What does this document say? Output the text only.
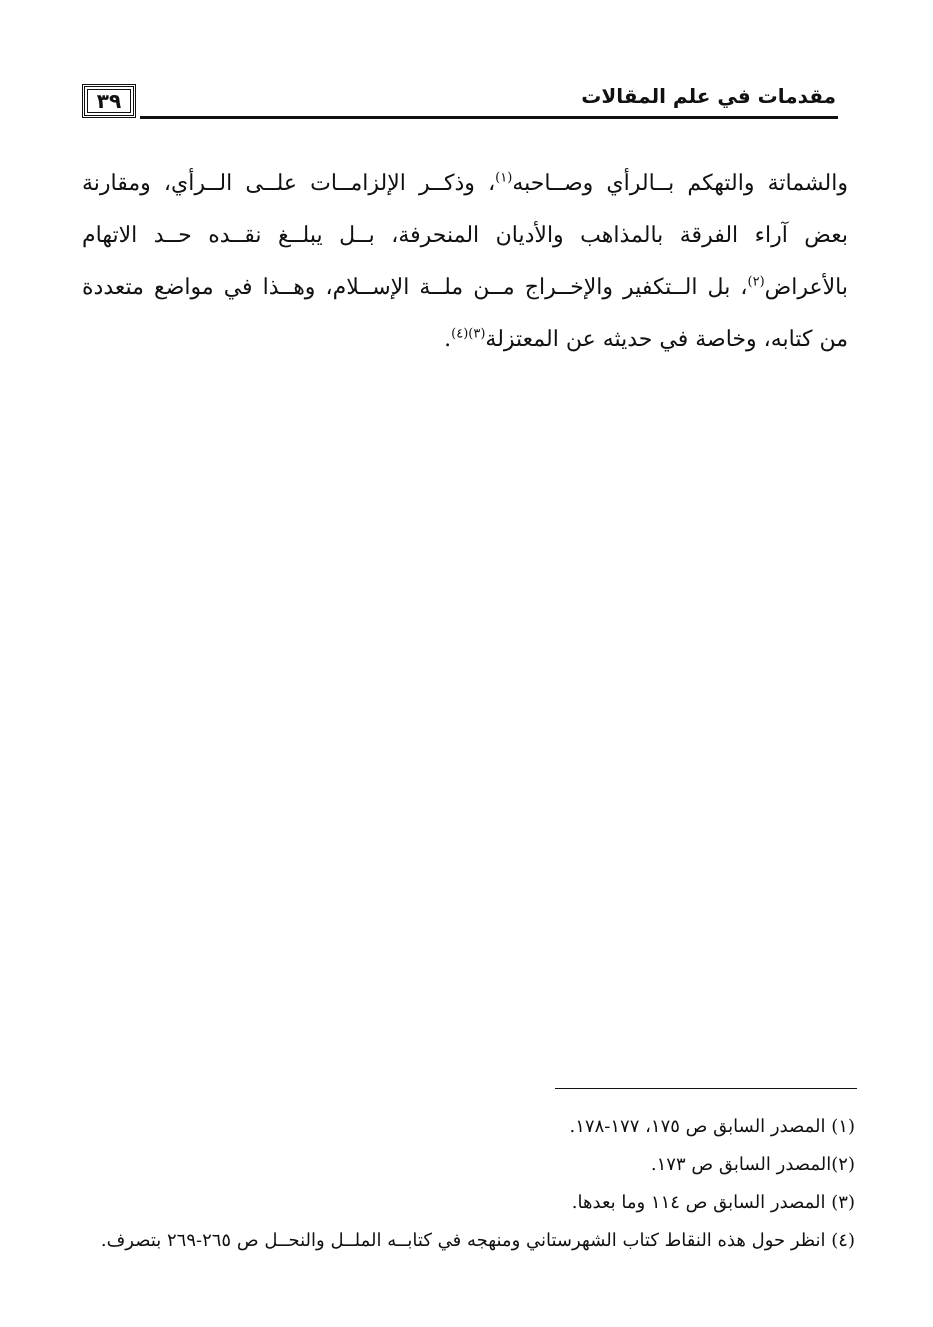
مقدمات في علم المقالات
٣٩
والشماتة والتهكم بــالرأي وصــاحبه$^{(١)}$، وذكــر الإلزامــات علــى الــرأي، ومقارنة بعض آراء الفرقة بالمذاهب والأديان المنحرفة، بــل يبلــغ نقــده حــد الاتهام بالأعراض$^{(٢)}$، بل الــتكفير والإخــراج مــن ملــة الإســلام، وهــذا في مواضع متعددة من كتابه، وخاصة في حديثه عن المعتزلة$^{(٣)(٤)}$.

(١) المصدر السابق ص ١٧٥، ١٧٧-١٧٨.

(٢)المصدر السابق ص ١٧٣.

(٣) المصدر السابق ص ١١٤ وما بعدها.

(٤) انظر حول هذه النقاط كتاب الشهرستاني ومنهجه في كتابــه الملــل والنحــل ص ٢٦٥-٢٦٩ بتصرف.
